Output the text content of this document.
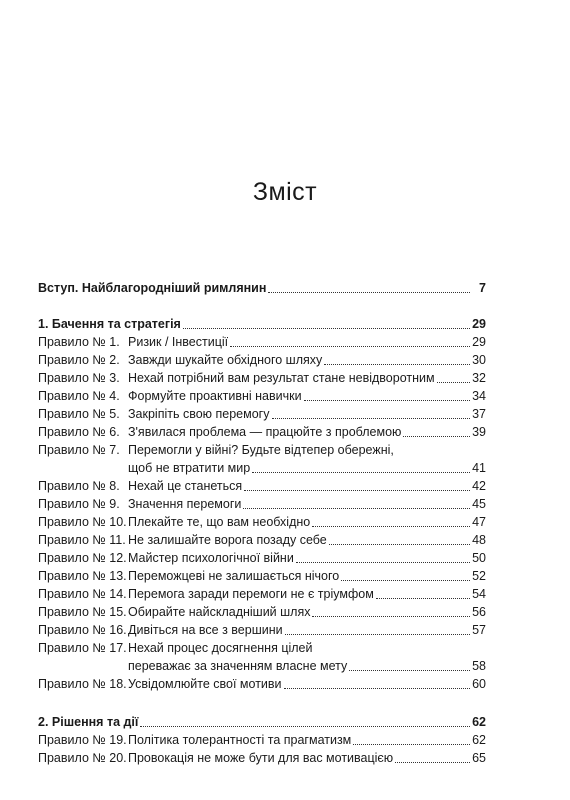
Зміст
Вступ. Найблагородніший римлянин	7
1. Бачення та стратегія	29
Правило № 1. Ризик / Інвестиції	29
Правило № 2. Завжди шукайте обхідного шляху	30
Правило № 3. Нехай потрібний вам результат стане невідворотним	32
Правило № 4. Формуйте проактивні навички	34
Правило № 5. Закріпіть свою перемогу	37
Правило № 6. З'явилася проблема — працюйте з проблемою	39
Правило № 7. Перемогли у війні? Будьте відтепер обережні,
щоб не втратити мир	41
Правило № 8. Нехай це станеться	42
Правило № 9. Значення перемоги	45
Правило № 10. Плекайте те, що вам необхідно	47
Правило № 11. Не залишайте ворога позаду себе	48
Правило № 12. Майстер психологічної війни	50
Правило № 13. Переможцеві не залишається нічого	52
Правило № 14. Перемога заради перемоги не є тріумфом	54
Правило № 15. Обирайте найскладніший шлях	56
Правило № 16. Дивіться на все з вершини	57
Правило № 17. Нехай процес досягнення цілей
переважає за значенням власне мету	58
Правило № 18. Усвідомлюйте свої мотиви	60
2. Рішення та дії	62
Правило № 19. Політика толерантності та прагматизм	62
Правило № 20. Провокація не може бути для вас мотивацією	65
